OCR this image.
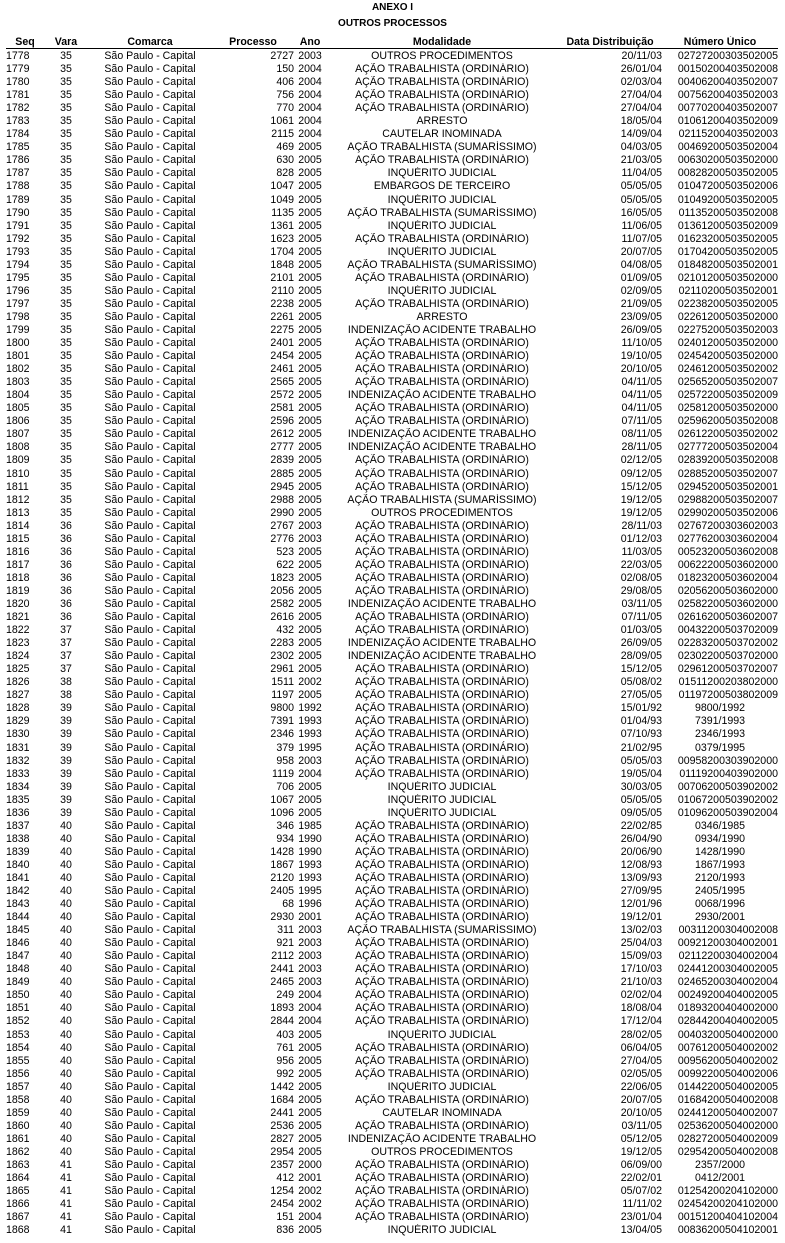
ANEXO I
OUTROS PROCESSOS
Seq	Vara	Comarca	Processo	Ano	Modalidade	Data Distribuição	Número Único
1778	35	São Paulo - Capital	2727	2003	OUTROS PROCEDIMENTOS	20/11/03	02727200303502005
1779	35	São Paulo - Capital	150	2004	AÇÃO TRABALHISTA (ORDINÁRIO)	26/01/04	00150200403502008
1780	35	São Paulo - Capital	406	2004	AÇÃO TRABALHISTA (ORDINÁRIO)	02/03/04	00406200403502007
1781	35	São Paulo - Capital	756	2004	AÇÃO TRABALHISTA (ORDINÁRIO)	27/04/04	00756200403502003
1782	35	São Paulo - Capital	770	2004	AÇÃO TRABALHISTA (ORDINÁRIO)	27/04/04	00770200403502007
1783	35	São Paulo - Capital	1061	2004	ARRESTO	18/05/04	01061200403502009
1784	35	São Paulo - Capital	2115	2004	CAUTELAR INOMINADA	14/09/04	02115200403502003
1785	35	São Paulo - Capital	469	2005	AÇÃO TRABALHISTA (SUMARÍSSIMO)	04/03/05	00469200503502004
1786	35	São Paulo - Capital	630	2005	AÇÃO TRABALHISTA (ORDINÁRIO)	21/03/05	00630200503502000
1787	35	São Paulo - Capital	828	2005	INQUÉRITO JUDICIAL	11/04/05	00828200503502005
1788	35	São Paulo - Capital	1047	2005	EMBARGOS DE TERCEIRO	05/05/05	01047200503502006
1789	35	São Paulo - Capital	1049	2005	INQUÉRITO JUDICIAL	05/05/05	01049200503502005
1790	35	São Paulo - Capital	1135	2005	AÇÃO TRABALHISTA (SUMARÍSSIMO)	16/05/05	01135200503502008
1791	35	São Paulo - Capital	1361	2005	INQUÉRITO JUDICIAL	11/06/05	01361200503502009
1792	35	São Paulo - Capital	1623	2005	AÇÃO TRABALHISTA (ORDINÁRIO)	11/07/05	01623200503502005
1793	35	São Paulo - Capital	1704	2005	INQUÉRITO JUDICIAL	20/07/05	01704200503502005
1794	35	São Paulo - Capital	1848	2005	AÇÃO TRABALHISTA (SUMARÍSSIMO)	04/08/05	01848200503502001
1795	35	São Paulo - Capital	2101	2005	AÇÃO TRABALHISTA (ORDINÁRIO)	01/09/05	02101200503502000
1796	35	São Paulo - Capital	2110	2005	INQUÉRITO JUDICIAL	02/09/05	02110200503502001
1797	35	São Paulo - Capital	2238	2005	AÇÃO TRABALHISTA (ORDINÁRIO)	21/09/05	02238200503502005
1798	35	São Paulo - Capital	2261	2005	ARRESTO	23/09/05	02261200503502000
1799	35	São Paulo - Capital	2275	2005	INDENIZAÇÃO ACIDENTE TRABALHO	26/09/05	02275200503502003
1800	35	São Paulo - Capital	2401	2005	AÇÃO TRABALHISTA (ORDINÁRIO)	11/10/05	02401200503502000
1801	35	São Paulo - Capital	2454	2005	AÇÃO TRABALHISTA (ORDINÁRIO)	19/10/05	02454200503502000
1802	35	São Paulo - Capital	2461	2005	AÇÃO TRABALHISTA (ORDINÁRIO)	20/10/05	02461200503502002
1803	35	São Paulo - Capital	2565	2005	AÇÃO TRABALHISTA (ORDINÁRIO)	04/11/05	02565200503502007
1804	35	São Paulo - Capital	2572	2005	INDENIZAÇÃO ACIDENTE TRABALHO	04/11/05	02572200503502009
1805	35	São Paulo - Capital	2581	2005	AÇÃO TRABALHISTA (ORDINÁRIO)	04/11/05	02581200503502000
1806	35	São Paulo - Capital	2596	2005	AÇÃO TRABALHISTA (ORDINÁRIO)	07/11/05	02596200503502008
1807	35	São Paulo - Capital	2612	2005	INDENIZAÇÃO ACIDENTE TRABALHO	08/11/05	02612200503502002
1808	35	São Paulo - Capital	2777	2005	INDENIZAÇÃO ACIDENTE TRABALHO	28/11/05	02777200503502004
1809	35	São Paulo - Capital	2839	2005	AÇÃO TRABALHISTA (ORDINÁRIO)	02/12/05	02839200503502008
1810	35	São Paulo - Capital	2885	2005	AÇÃO TRABALHISTA (ORDINÁRIO)	09/12/05	02885200503502007
1811	35	São Paulo - Capital	2945	2005	AÇÃO TRABALHISTA (ORDINÁRIO)	15/12/05	02945200503502001
1812	35	São Paulo - Capital	2988	2005	AÇÃO TRABALHISTA (SUMARÍSSIMO)	19/12/05	02988200503502007
1813	35	São Paulo - Capital	2990	2005	OUTROS PROCEDIMENTOS	19/12/05	02990200503502006
1814	36	São Paulo - Capital	2767	2003	AÇÃO TRABALHISTA (ORDINÁRIO)	28/11/03	02767200303602003
1815	36	São Paulo - Capital	2776	2003	AÇÃO TRABALHISTA (ORDINÁRIO)	01/12/03	02776200303602004
1816	36	São Paulo - Capital	523	2005	AÇÃO TRABALHISTA (ORDINÁRIO)	11/03/05	00523200503602008
1817	36	São Paulo - Capital	622	2005	AÇÃO TRABALHISTA (ORDINÁRIO)	22/03/05	00622200503602000
1818	36	São Paulo - Capital	1823	2005	AÇÃO TRABALHISTA (ORDINÁRIO)	02/08/05	01823200503602004
1819	36	São Paulo - Capital	2056	2005	AÇÃO TRABALHISTA (ORDINÁRIO)	29/08/05	02056200503602000
1820	36	São Paulo - Capital	2582	2005	INDENIZAÇÃO ACIDENTE TRABALHO	03/11/05	02582200503602000
1821	36	São Paulo - Capital	2616	2005	AÇÃO TRABALHISTA (ORDINÁRIO)	07/11/05	02616200503602007
1822	37	São Paulo - Capital	432	2005	AÇÃO TRABALHISTA (ORDINÁRIO)	01/03/05	00432200503702009
1823	37	São Paulo - Capital	2283	2005	INDENIZAÇÃO ACIDENTE TRABALHO	26/09/05	02283200503702002
1824	37	São Paulo - Capital	2302	2005	INDENIZAÇÃO ACIDENTE TRABALHO	28/09/05	02302200503702000
1825	37	São Paulo - Capital	2961	2005	AÇÃO TRABALHISTA (ORDINÁRIO)	15/12/05	02961200503702007
1826	38	São Paulo - Capital	1511	2002	AÇÃO TRABALHISTA (ORDINÁRIO)	05/08/02	01511200203802000
1827	38	São Paulo - Capital	1197	2005	AÇÃO TRABALHISTA (ORDINÁRIO)	27/05/05	01197200503802009
1828	39	São Paulo - Capital	9800	1992	AÇÃO TRABALHISTA (ORDINÁRIO)	15/01/92	9800/1992
1829	39	São Paulo - Capital	7391	1993	AÇÃO TRABALHISTA (ORDINÁRIO)	01/04/93	7391/1993
1830	39	São Paulo - Capital	2346	1993	AÇÃO TRABALHISTA (ORDINÁRIO)	07/10/93	2346/1993
1831	39	São Paulo - Capital	379	1995	AÇÃO TRABALHISTA (ORDINÁRIO)	21/02/95	0379/1995
1832	39	São Paulo - Capital	958	2003	AÇÃO TRABALHISTA (ORDINÁRIO)	05/05/03	00958200303902000
1833	39	São Paulo - Capital	1119	2004	AÇÃO TRABALHISTA (ORDINÁRIO)	19/05/04	01119200403902000
1834	39	São Paulo - Capital	706	2005	INQUÉRITO JUDICIAL	30/03/05	00706200503902002
1835	39	São Paulo - Capital	1067	2005	INQUÉRITO JUDICIAL	05/05/05	01067200503902002
1836	39	São Paulo - Capital	1096	2005	INQUÉRITO JUDICIAL	09/05/05	01096200503902004
1837	40	São Paulo - Capital	346	1985	AÇÃO TRABALHISTA (ORDINÁRIO)	22/02/85	0346/1985
1838	40	São Paulo - Capital	934	1990	AÇÃO TRABALHISTA (ORDINÁRIO)	26/04/90	0934/1990
1839	40	São Paulo - Capital	1428	1990	AÇÃO TRABALHISTA (ORDINÁRIO)	20/06/90	1428/1990
1840	40	São Paulo - Capital	1867	1993	AÇÃO TRABALHISTA (ORDINÁRIO)	12/08/93	1867/1993
1841	40	São Paulo - Capital	2120	1993	AÇÃO TRABALHISTA (ORDINÁRIO)	13/09/93	2120/1993
1842	40	São Paulo - Capital	2405	1995	AÇÃO TRABALHISTA (ORDINÁRIO)	27/09/95	2405/1995
1843	40	São Paulo - Capital	68	1996	AÇÃO TRABALHISTA (ORDINÁRIO)	12/01/96	0068/1996
1844	40	São Paulo - Capital	2930	2001	AÇÃO TRABALHISTA (ORDINÁRIO)	19/12/01	2930/2001
1845	40	São Paulo - Capital	311	2003	AÇÃO TRABALHISTA (SUMARÍSSIMO)	13/02/03	00311200304002008
1846	40	São Paulo - Capital	921	2003	AÇÃO TRABALHISTA (ORDINÁRIO)	25/04/03	00921200304002001
1847	40	São Paulo - Capital	2112	2003	AÇÃO TRABALHISTA (ORDINÁRIO)	15/09/03	02112200304002004
1848	40	São Paulo - Capital	2441	2003	AÇÃO TRABALHISTA (ORDINÁRIO)	17/10/03	02441200304002005
1849	40	São Paulo - Capital	2465	2003	AÇÃO TRABALHISTA (ORDINÁRIO)	21/10/03	02465200304002004
1850	40	São Paulo - Capital	249	2004	AÇÃO TRABALHISTA (ORDINÁRIO)	02/02/04	00249200404002005
1851	40	São Paulo - Capital	1893	2004	AÇÃO TRABALHISTA (ORDINÁRIO)	18/08/04	01893200404002000
1852	40	São Paulo - Capital	2844	2004	AÇÃO TRABALHISTA (ORDINÁRIO)	17/12/04	02844200404002005
1853	40	São Paulo - Capital	403	2005	INQUÉRITO JUDICIAL	28/02/05	00403200504002000
1854	40	São Paulo - Capital	761	2005	AÇÃO TRABALHISTA (ORDINÁRIO)	06/04/05	00761200504002002
1855	40	São Paulo - Capital	956	2005	AÇÃO TRABALHISTA (ORDINÁRIO)	27/04/05	00956200504002002
1856	40	São Paulo - Capital	992	2005	AÇÃO TRABALHISTA (ORDINÁRIO)	02/05/05	00992200504002006
1857	40	São Paulo - Capital	1442	2005	INQUÉRITO JUDICIAL	22/06/05	01442200504002005
1858	40	São Paulo - Capital	1684	2005	AÇÃO TRABALHISTA (ORDINÁRIO)	20/07/05	01684200504002008
1859	40	São Paulo - Capital	2441	2005	CAUTELAR INOMINADA	20/10/05	02441200504002007
1860	40	São Paulo - Capital	2536	2005	AÇÃO TRABALHISTA (ORDINÁRIO)	03/11/05	02536200504002000
1861	40	São Paulo - Capital	2827	2005	INDENIZAÇÃO ACIDENTE TRABALHO	05/12/05	02827200504002009
1862	40	São Paulo - Capital	2954	2005	OUTROS PROCEDIMENTOS	19/12/05	02954200504002008
1863	41	São Paulo - Capital	2357	2000	AÇÃO TRABALHISTA (ORDINÁRIO)	06/09/00	2357/2000
1864	41	São Paulo - Capital	412	2001	AÇÃO TRABALHISTA (ORDINÁRIO)	22/02/01	0412/2001
1865	41	São Paulo - Capital	1254	2002	AÇÃO TRABALHISTA (ORDINÁRIO)	05/07/02	01254200204102000
1866	41	São Paulo - Capital	2454	2002	AÇÃO TRABALHISTA (ORDINÁRIO)	11/11/02	02454200204102000
1867	41	São Paulo - Capital	151	2004	AÇÃO TRABALHISTA (ORDINÁRIO)	23/01/04	00151200404102004
1868	41	São Paulo - Capital	836	2005	INQUÉRITO JUDICIAL	13/04/05	00836200504102001
